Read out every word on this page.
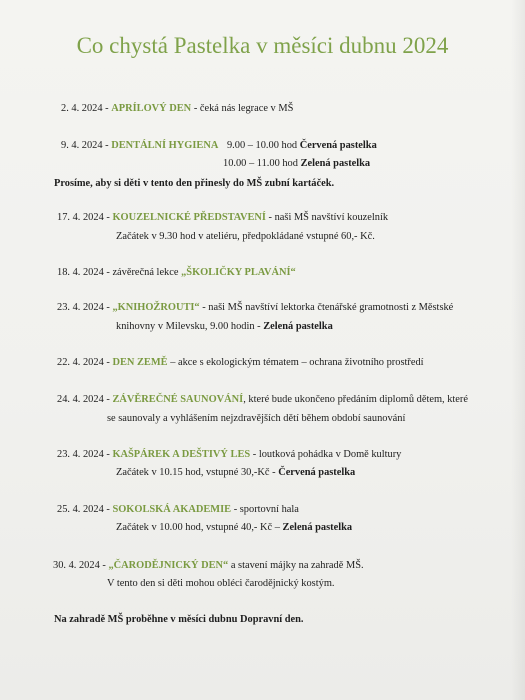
Co chystá Pastelka v měsíci dubnu 2024
2. 4. 2024 - APRÍLOVÝ DEN - čeká nás legrace v MŠ
9. 4. 2024 - DENTÁLNÍ HYGIENA 9.00 – 10.00 hod Červená pastelka
10.00 – 11.00 hod Zelená pastelka
Prosíme, aby si děti v tento den přinesly do MŠ zubní kartáček.
17. 4. 2024 - KOUZELNICKÉ PŘEDSTAVENÍ - naši MŠ navštíví kouzelník
Začátek v 9.30 hod v ateliéru, předpokládané vstupné 60,- Kč.
18. 4. 2024 - závěrečná lekce „ŠKOLIČKY PLAVÁNÍ“
23. 4. 2024 - „KNIHOŽROUTI“ - naši MŠ navštíví lektorka čtenářské gramotnosti z Městské
knihovny v Milevsku, 9.00 hodin - Zelená pastelka
22. 4. 2024 - DEN ZEMĚ – akce s ekologickým tématem – ochrana životního prostředí
24. 4. 2024 - ZÁVĚREČNÉ SAUNOVÁNÍ, které bude ukončeno předáním diplomů dětem, které
se saunovaly a vyhlášením nejzdravějších dětí během období saunování
23. 4. 2024 - KAŠPÁREK A DEŠTIVÝ LES - loutková pohádka v Domě kultury
Začátek v 10.15 hod, vstupné 30,-Kč - Červená pastelka
25. 4. 2024 - SOKOLSKÁ AKADEMIE - sportovní hala
Začátek v 10.00 hod, vstupné 40,- Kč – Zelená pastelka
30. 4. 2024 - „ČARODĚJNICKÝ DEN“ a stavení májky na zahradě MŠ.
V tento den si děti mohou obléci čarodějnický kostým.
Na zahradě MŠ proběhne v měsíci dubnu Dopravní den.
